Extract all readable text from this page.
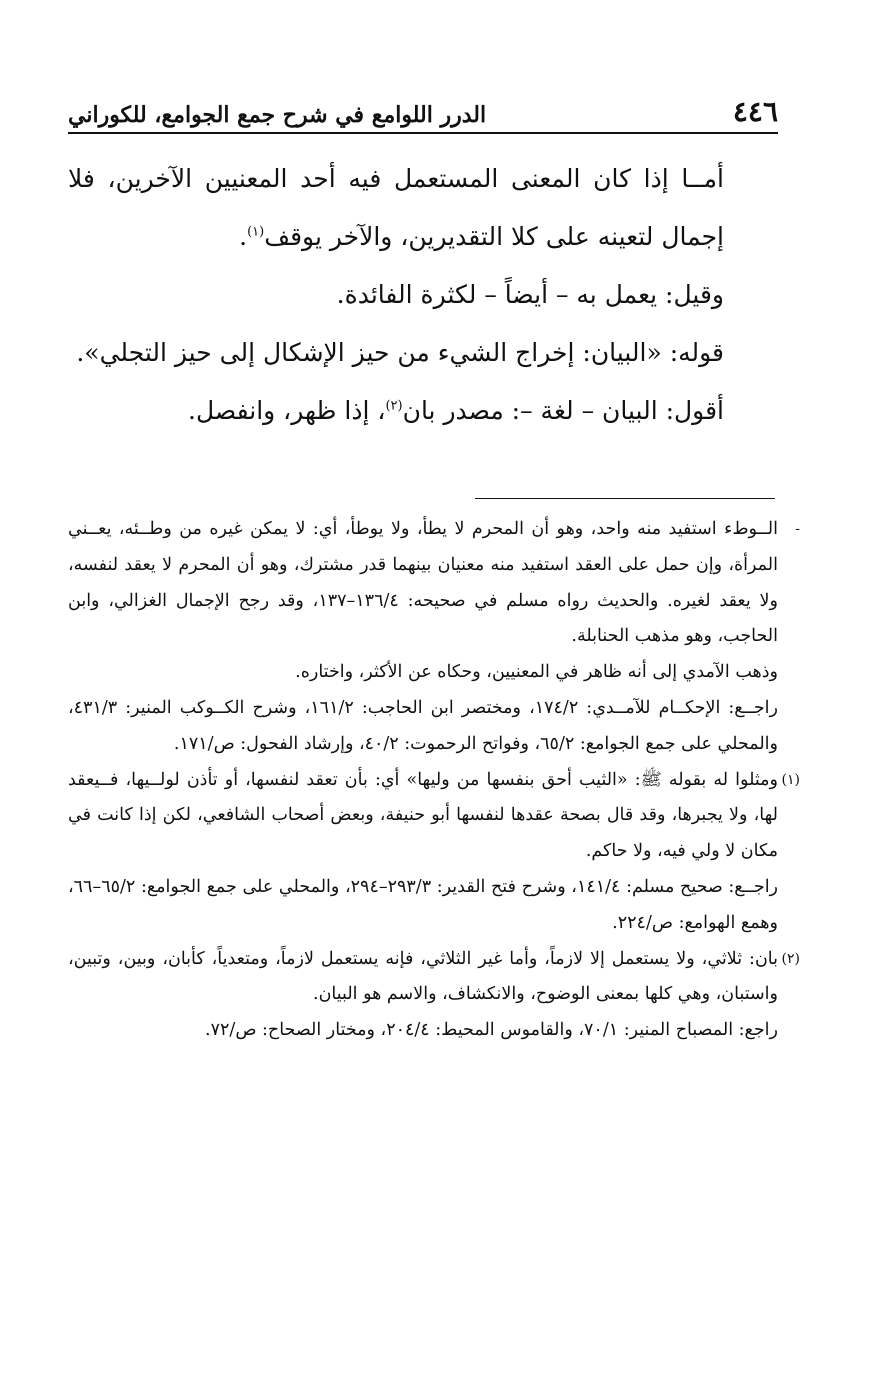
٤٤٦
الدرر اللوامع في شرح جمع الجوامع، للكوراني

أمــا إذا كان المعنى المستعمل فيه أحد المعنيين الآخرين، فلا إجمال لتعينه على كلا التقديرين، والآخر يوقف$^{(١)}$.

وقيل: يعمل به – أيضاً – لكثرة الفائدة.

قوله: «البيان: إخراج الشيء من حيز الإشكال إلى حيز التجلي».

أقول: البيان – لغة –: مصدر بان$^{(٢)}$، إذا ظهر، وانفصل.

-

الــوطء استفيد منه واحد، وهو أن المحرم لا يطأ، ولا يوطأ، أي: لا يمكن غيره من وطــئه، يعــني المرأة، وإن حمل على العقد استفيد منه معنيان بينهما قدر مشترك، وهو أن المحرم لا يعقد لنفسه، ولا يعقد لغيره. والحديث رواه مسلم في صحيحه: ١٣٦/٤–١٣٧، وقد رجح الإجمال الغزالي، وابن الحاجب، وهو مذهب الحنابلة.

وذهب الآمدي إلى أنه ظاهر في المعنيين، وحكاه عن الأكثر، واختاره.

راجــع: الإحكــام للآمــدي: ١٧٤/٢، ومختصر ابن الحاجب: ١٦١/٢، وشرح الكــوكب المنير: ٤٣١/٣، والمحلي على جمع الجوامع: ٦٥/٢، وفواتح الرحموت: ٤٠/٢، وإرشاد الفحول: ص/١٧١.

(١)

ومثلوا له بقوله ﷺ: «الثيب أحق بنفسها من وليها» أي: بأن تعقد لنفسها، أو تأذن لولــيها، فــيعقد لها، ولا يجبرها، وقد قال بصحة عقدها لنفسها أبو حنيفة، وبعض أصحاب الشافعي، لكن إذا كانت في مكان لا ولي فيه، ولا حاكم.

راجــع: صحيح مسلم: ١٤١/٤، وشرح فتح القدير: ٢٩٣/٣–٢٩٤، والمحلي على جمع الجوامع: ٦٥/٢–٦٦، وهمع الهوامع: ص/٢٢٤.

(٢)

بان: ثلاثي، ولا يستعمل إلا لازماً، وأما غير الثلاثي، فإنه يستعمل لازماً، ومتعدياً، كأبان، وبين، وتبين، واستبان، وهي كلها بمعنى الوضوح، والانكشاف، والاسم هو البيان.

راجع: المصباح المنير: ٧٠/١، والقاموس المحيط: ٢٠٤/٤، ومختار الصحاح: ص/٧٢.
